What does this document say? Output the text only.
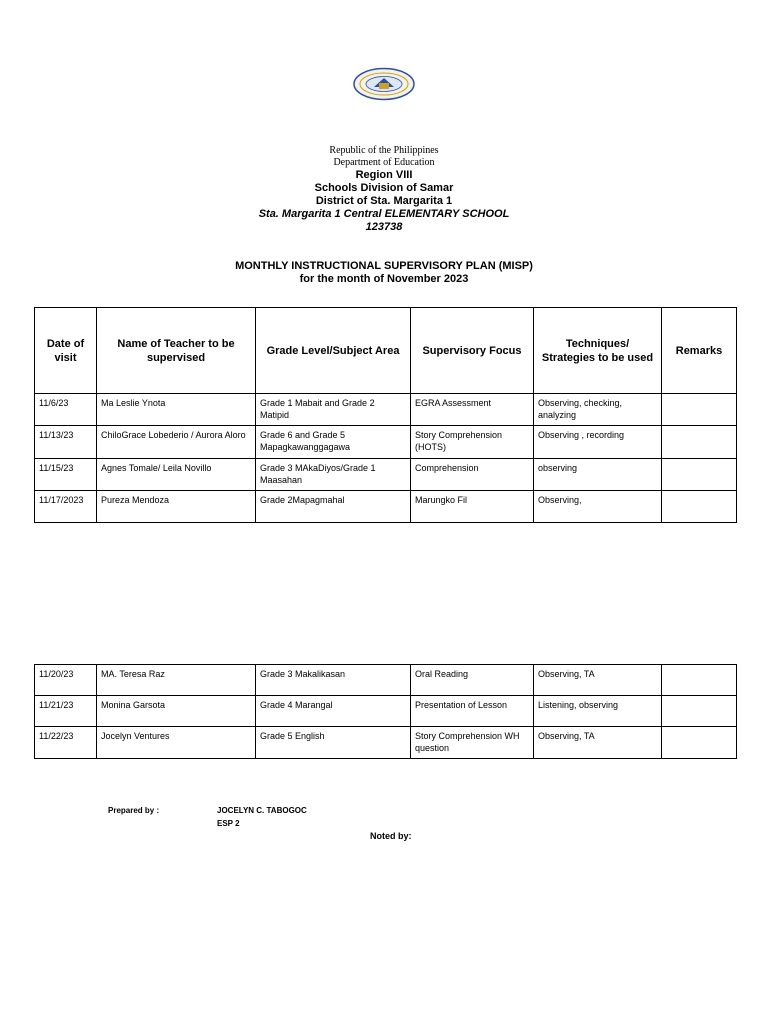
Republic of the Philippines
Department of Education
Region VIII
Schools Division of Samar
District of Sta. Margarita 1
Sta. Margarita 1 Central ELEMENTARY SCHOOL
123738
MONTHLY INSTRUCTIONAL SUPERVISORY PLAN (MISP)
for the month of November 2023
Date of visit	Name of Teacher to be supervised	Grade Level/Subject Area	Supervisory Focus	Techniques/ Strategies to be used	Remarks
11/6/23	Ma Leslie Ynota	Grade 1 Mabait and Grade 2 Matipid	EGRA Assessment	Observing, checking, analyzing	
11/13/23	ChiloGrace Lobederio / Aurora Aloro	Grade 6 and Grade 5 Mapagkawanggagawa	Story Comprehension (HOTS)	Observing , recording	
11/15/23	Agnes Tomale/ Leila Novillo	Grade 3 MAkaDiyos/Grade 1 Maasahan	Comprehension	observing	
11/17/2023	Pureza Mendoza	Grade 2Mapagmahal	Marungko Fil	Observing,	
11/20/23	MA. Teresa Raz	Grade 3 Makalikasan	Oral Reading	Observing, TA	
11/21/23	Monina Garsota	Grade 4 Marangal	Presentation of Lesson	Listening, observing	
11/22/23	Jocelyn Ventures	Grade 5 English	Story Comprehension WH question	Observing, TA	
Prepared by :	JOCELYN C. TABOGOC
ESP 2
Noted by:
